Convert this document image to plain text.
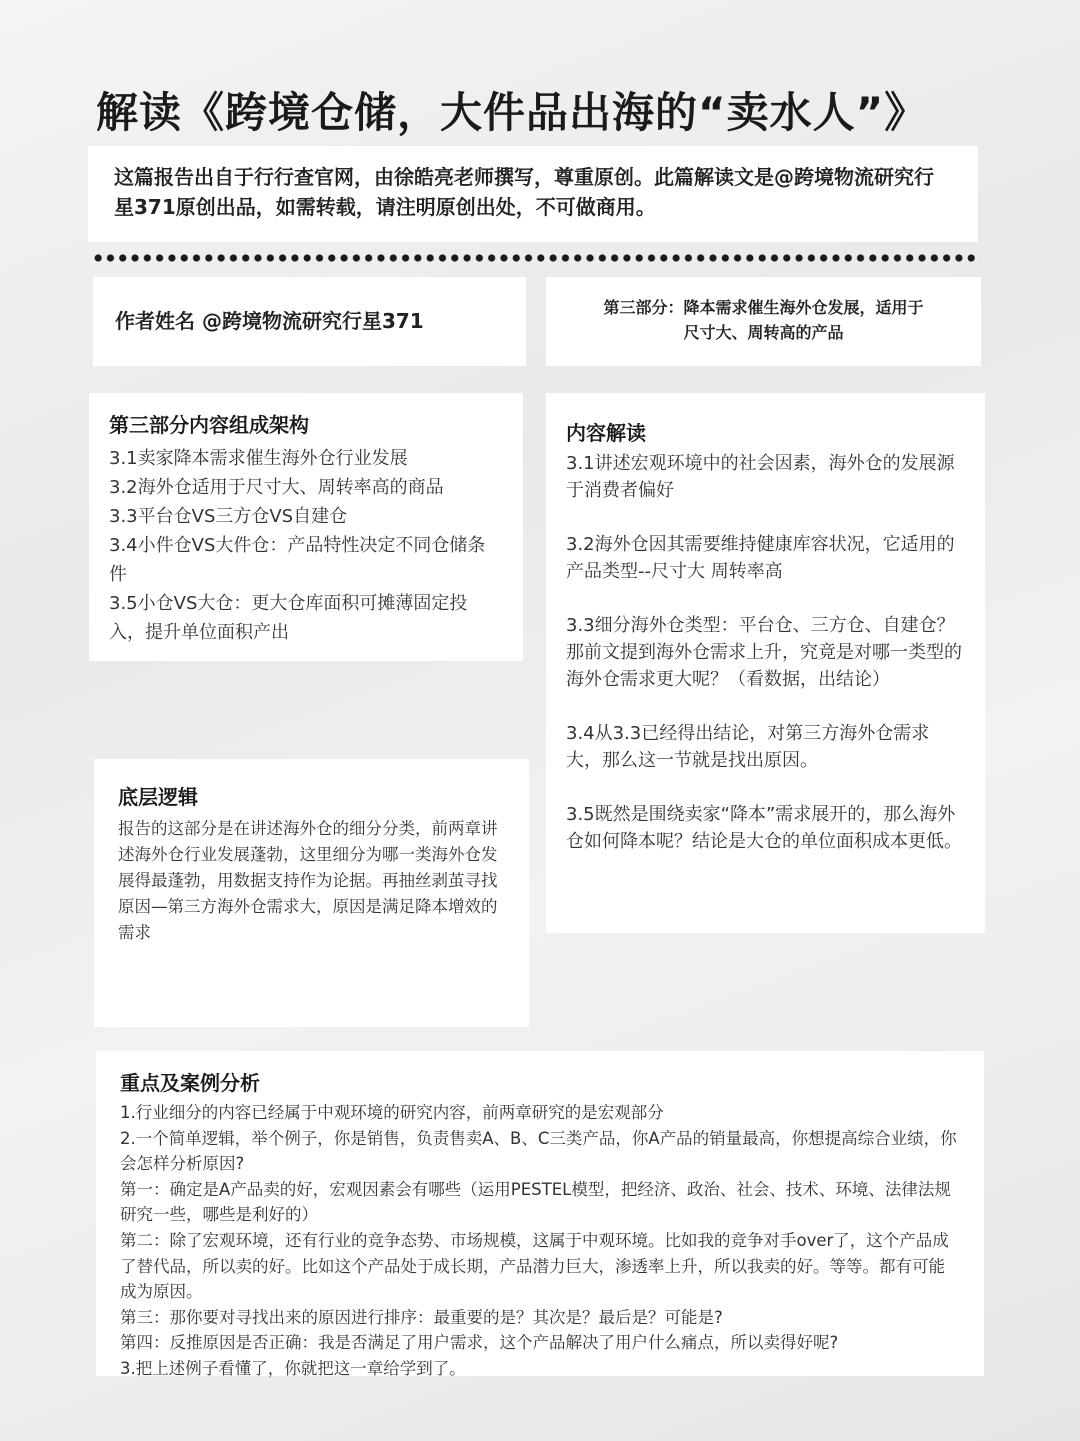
解读《跨境仓储，大件品出海的“卖水人”》
这篇报告出自于行行查官网，由徐皓亮老师撰写，尊重原创。此篇解读文是@跨境物流研究行星371原创出品，如需转载，请注明原创出处，不可做商用。
作者姓名 @跨境物流研究行星371
第三部分：降本需求催生海外仓发展，适用于尺寸大、周转高的产品
第三部分内容组成架构
3.1卖家降本需求催生海外仓行业发展
3.2海外仓适用于尺寸大、周转率高的商品
3.3平台仓VS三方仓VS自建仓
3.4小件仓VS大件仓：产品特性决定不同仓储条件
3.5小仓VS大仓：更大仓库面积可摊薄固定投入，提升单位面积产出
内容解读
3.1讲述宏观环境中的社会因素，海外仓的发展源于消费者偏好
3.2海外仓因其需要维持健康库容状况，它适用的产品类型--尺寸大 周转率高
3.3细分海外仓类型：平台仓、三方仓、自建仓？那前文提到海外仓需求上升，究竟是对哪一类型的海外仓需求更大呢？（看数据，出结论）
3.4从3.3已经得出结论，对第三方海外仓需求大，那么这一节就是找出原因。
3.5既然是围绕卖家“降本”需求展开的，那么海外仓如何降本呢？结论是大仓的单位面积成本更低。
底层逻辑
报告的这部分是在讲述海外仓的细分分类，前两章讲述海外仓行业发展蓬勃，这里细分为哪一类海外仓发展得最蓬勃，用数据支持作为论据。再抽丝剥茧寻找原因—第三方海外仓需求大，原因是满足降本增效的需求
重点及案例分析
1.行业细分的内容已经属于中观环境的研究内容，前两章研究的是宏观部分
2.一个简单逻辑，举个例子，你是销售，负责售卖A、B、C三类产品，你A产品的销量最高，你想提高综合业绩，你会怎样分析原因?
第一：确定是A产品卖的好，宏观因素会有哪些（运用PESTEL模型，把经济、政治、社会、技术、环境、法律法规研究一些，哪些是利好的）
第二：除了宏观环境，还有行业的竞争态势、市场规模，这属于中观环境。比如我的竞争对手over了，这个产品成了替代品，所以卖的好。比如这个产品处于成长期，产品潜力巨大，渗透率上升，所以我卖的好。等等。都有可能成为原因。
第三：那你要对寻找出来的原因进行排序：最重要的是？其次是？最后是？可能是?
第四：反推原因是否正确：我是否满足了用户需求，这个产品解决了用户什么痛点，所以卖得好呢?
3.把上述例子看懂了，你就把这一章给学到了。
